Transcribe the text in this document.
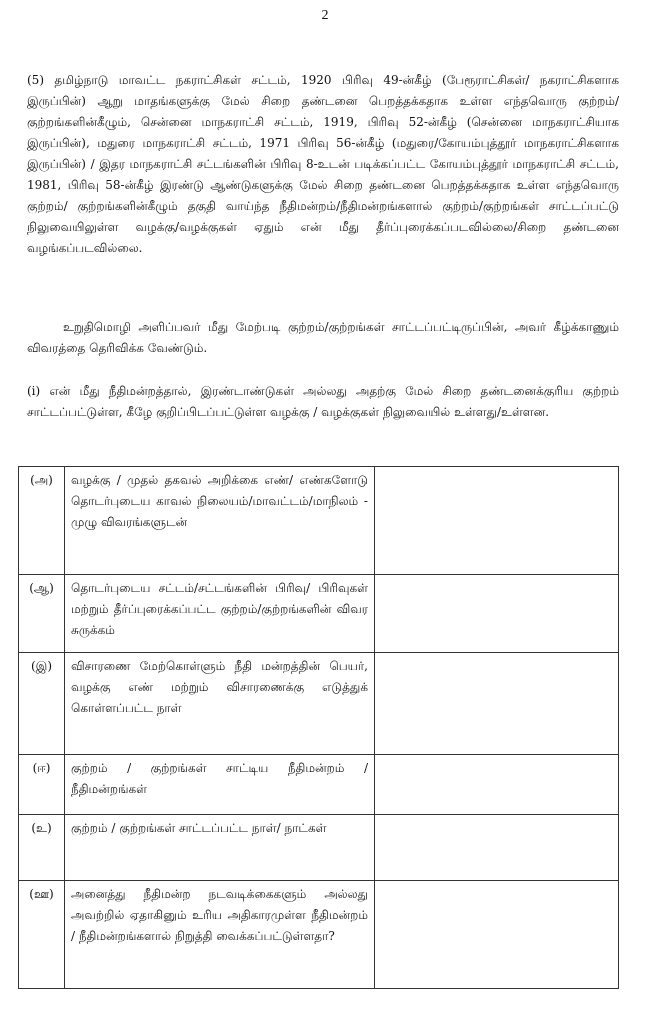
2

(5) தமிழ்நாடு மாவட்ட நகராட்சிகள் சட்டம், 1920 பிரிவு 49-ன்கீழ் (பேரூராட்சிகள்/ நகராட்சிகளாக இருப்பின்) ஆறு மாதங்களுக்கு மேல் சிறை தண்டனை பெறத்தக்கதாக உள்ள எந்தவொரு குற்றம்/குற்றங்களின்கீழும், சென்னை மாநகராட்சி சட்டம், 1919, பிரிவு 52-ன்கீழ் (சென்னை மாநகராட்சியாக இருப்பின்), மதுரை மாநகராட்சி சட்டம், 1971 பிரிவு 56-ன்கீழ் (மதுரை/கோயம்புத்தூர் மாநகராட்சிகளாக இருப்பின்) / இதர மாநகராட்சி சட்டங்களின் பிரிவு 8-உடன் படிக்கப்பட்ட கோயம்புத்தூர் மாநகராட்சி சட்டம், 1981, பிரிவு 58-ன்கீழ் இரண்டு ஆண்டுகளுக்கு மேல் சிறை தண்டனை பெறத்தக்கதாக உள்ள எந்தவொரு குற்றம்/ குற்றங்களின்கீழும் தகுதி வாய்ந்த நீதிமன்றம்/நீதிமன்றங்களால் குற்றம்/குற்றங்கள் சாட்டப்பட்டு நிலுவையிலுள்ள வழக்கு/வழக்குகள் ஏதும் என் மீது தீர்ப்புரைக்கப்படவில்லை/சிறை தண்டனை வழங்கப்படவில்லை.

உறுதிமொழி அளிப்பவர் மீது மேற்படி குற்றம்/குற்றங்கள் சாட்டப்பட்டிருப்பின், அவர் கீழ்க்காணும் விவரத்தை தெரிவிக்க வேண்டும்.

(i) என் மீது நீதிமன்றத்தால், இரண்டாண்டுகள் அல்லது அதற்கு மேல் சிறை தண்டனைக்குரிய குற்றம் சாட்டப்பட்டுள்ள, கீழே குறிப்பிடப்பட்டுள்ள வழக்கு / வழக்குகள் நிலுவையில் உள்ளது/உள்ளன.

(அ)	வழக்கு / முதல் தகவல் அறிக்கை எண்/ எண்களோடு தொடர்புடைய காவல் நிலையம்/மாவட்டம்/மாநிலம் - முழு விவரங்களுடன்	
(ஆ)	தொடர்புடைய சட்டம்/சட்டங்களின் பிரிவு/ பிரிவுகள் மற்றும் தீர்ப்புரைக்கப்பட்ட குற்றம்/குற்றங்களின் விவர சுருக்கம்	
(இ)	விசாரணை மேற்கொள்ளும் நீதி மன்றத்தின் பெயர், வழக்கு எண் மற்றும் விசாரணைக்கு எடுத்துக் கொள்ளப்பட்ட நாள்	
(ஈ)	குற்றம் / குற்றங்கள் சாட்டிய நீதிமன்றம் / நீதிமன்றங்கள்	
(உ)	குற்றம் / குற்றங்கள் சாட்டப்பட்ட நாள்/ நாட்கள்	
(ஊ)	அனைத்து நீதிமன்ற நடவடிக்கைகளும் அல்லது அவற்றில் ஏதாகினும் உரிய அதிகாரமுள்ள நீதிமன்றம் / நீதிமன்றங்களால் நிறுத்தி வைக்கப்பட்டுள்ளதா?	
